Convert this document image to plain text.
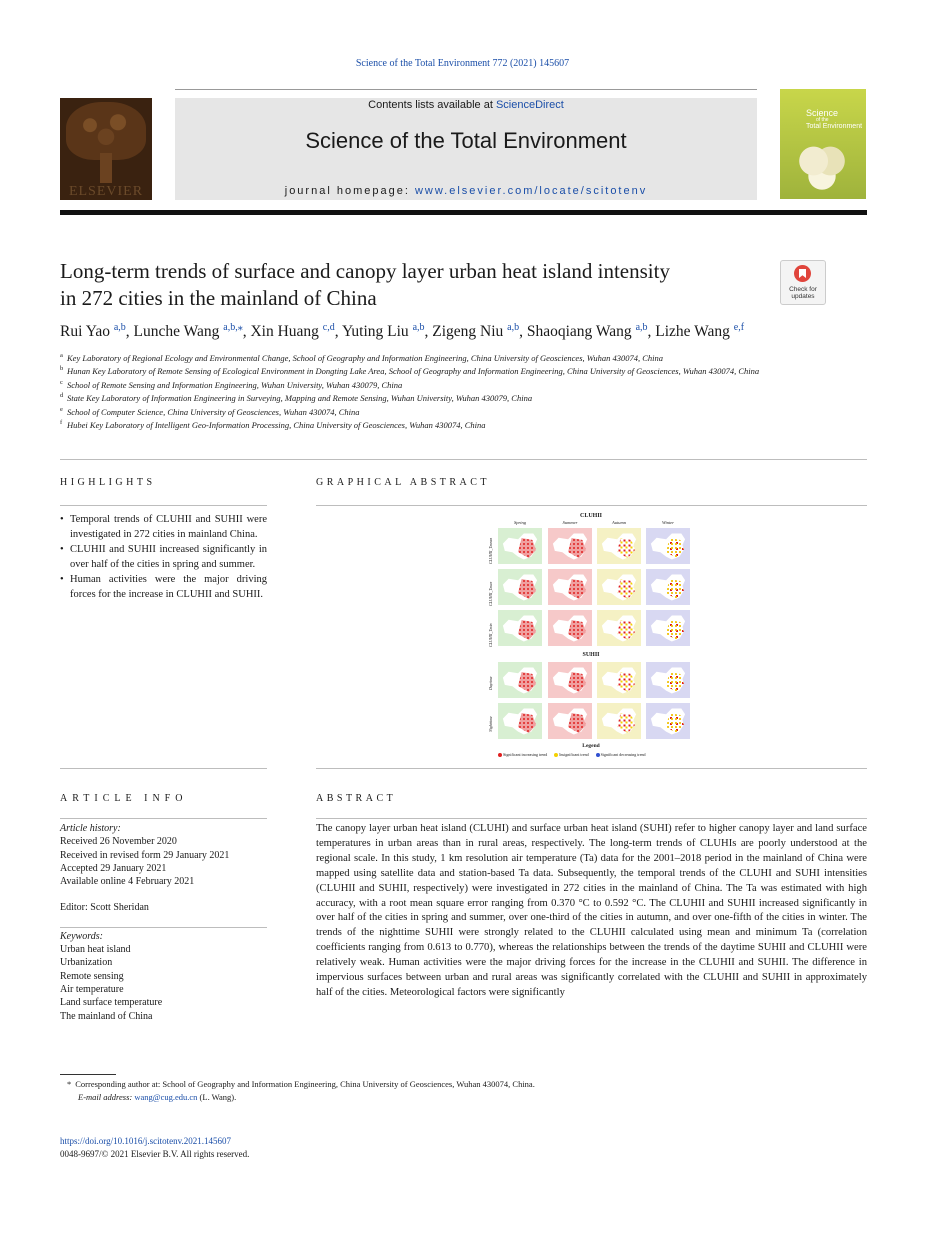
Science of the Total Environment 772 (2021) 145607
ELSEVIER
Contents lists available at ScienceDirect
Science of the Total Environment
journal homepage: www.elsevier.com/locate/scitotenv
Science
of the
Total Environment
Long-term trends of surface and canopy layer urban heat island intensity
in 272 cities in the mainland of China	Check for
updates
Rui Yao $^{a,b}$, Lunche Wang $^{a,b,⁎}$, Xin Huang $^{c,d}$, Yuting Liu $^{a,b}$, Zigeng Niu $^{a,b}$, Shaoqiang Wang $^{a,b}$, Lizhe Wang $^{e,f}$
a Key Laboratory of Regional Ecology and Environmental Change, School of Geography and Information Engineering, China University of Geosciences, Wuhan 430074, China
b Hunan Key Laboratory of Remote Sensing of Ecological Environment in Dongting Lake Area, School of Geography and Information Engineering, China University of Geosciences, Wuhan 430074, China
c School of Remote Sensing and Information Engineering, Wuhan University, Wuhan 430079, China
d State Key Laboratory of Information Engineering in Surveying, Mapping and Remote Sensing, Wuhan University, Wuhan 430079, China
e School of Computer Science, China University of Geosciences, Wuhan 430074, China
f Hubei Key Laboratory of Intelligent Geo-Information Processing, China University of Geosciences, Wuhan 430074, China
HIGHLIGHTS
• Temporal trends of CLUHII and SUHII were investigated in 272 cities in mainland China.
• CLUHII and SUHII increased significantly in over half of the cities in spring and summer.
• Human activities were the major driving forces for the increase in CLUHII and SUHII.
GRAPHICAL ABSTRACT
CLUHII
Spring	Summer	Autumn	Winter
CLUHII_Tmean
CLUHII_Tmax
CLUHII_Tmin
SUHII
Daytime
Nighttime
Legend
Significant increasing trend	Insignificant trend	Significant decreasing trend
ARTICLE INFO
Article history:
Received 26 November 2020
Received in revised form 29 January 2021
Accepted 29 January 2021
Available online 4 February 2021
Editor: Scott Sheridan
Keywords:
Urban heat island
Urbanization
Remote sensing
Air temperature
Land surface temperature
The mainland of China
ABSTRACT
The canopy layer urban heat island (CLUHI) and surface urban heat island (SUHI) refer to higher canopy layer and land surface temperatures in urban areas than in rural areas, respectively. The long-term trends of CLUHIs are poorly understood at the regional scale. In this study, 1 km resolution air temperature (Ta) data for the 2001–2018 period in the mainland of China were mapped using satellite data and station-based Ta data. Subsequently, the temporal trends of the CLUHI and SUHI intensities (CLUHII and SUHII, respectively) were investigated in 272 cities in the mainland of China. The Ta was estimated with high accuracy, with a root mean square error ranging from 0.370 °C to 0.592 °C. The CLUHII and SUHII increased significantly in over half of the cities in spring and summer, over one-third of the cities in autumn, and over one-fifth of the cities in winter. The trends of the nighttime SUHII were strongly related to the CLUHII calculated using mean and minimum Ta (correlation coefficients ranging from 0.613 to 0.770), whereas the relationships between the trends of the daytime SUHII and CLUHII were relatively weak. Human activities were the major driving forces for the increase in the CLUHII and SUHII. The difference in impervious surfaces between urban and rural areas was significantly correlated with the CLUHII and SUHII in approximately half of the cities. Meteorological factors were significantly
* Corresponding author at: School of Geography and Information Engineering, China University of Geosciences, Wuhan 430074, China.
E-mail address: wang@cug.edu.cn (L. Wang).
https://doi.org/10.1016/j.scitotenv.2021.145607
0048-9697/© 2021 Elsevier B.V. All rights reserved.
